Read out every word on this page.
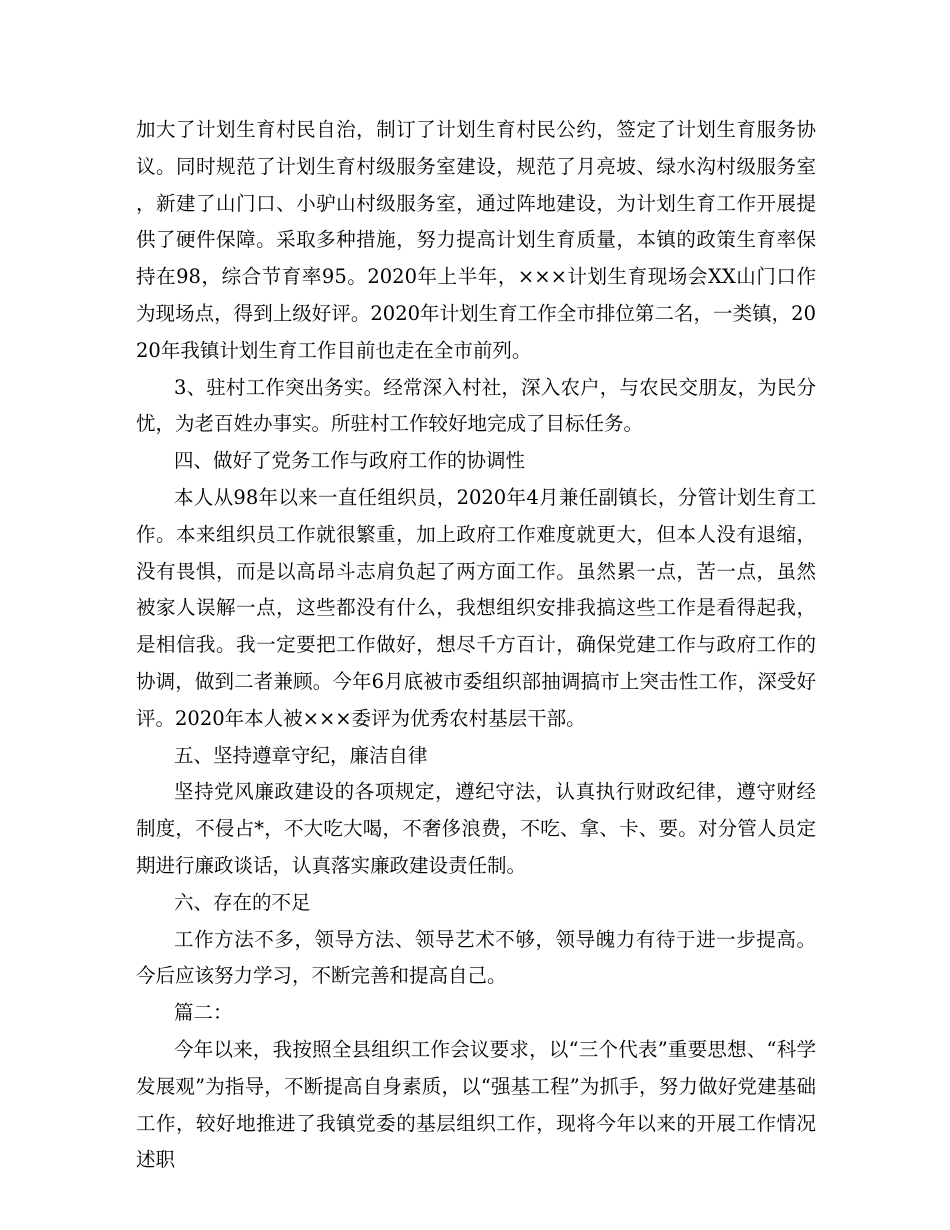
加大了计划生育村民自治，制订了计划生育村民公约，签定了计划生育服务协议。同时规范了计划生育村级服务室建设，规范了月亮坡、绿水沟村级服务室，新建了山门口、小驴山村级服务室，通过阵地建设，为计划生育工作开展提供了硬件保障。采取多种措施，努力提高计划生育质量，本镇的政策生育率保持在98，综合节育率95。2020年上半年，×××计划生育现场会XX山门口作为现场点，得到上级好评。2020年计划生育工作全市排位第二名，一类镇，2020年我镇计划生育工作目前也走在全市前列。

3、驻村工作突出务实。经常深入村社，深入农户，与农民交朋友，为民分忧，为老百姓办事实。所驻村工作较好地完成了目标任务。

四、做好了党务工作与政府工作的协调性

本人从98年以来一直任组织员，2020年4月兼任副镇长，分管计划生育工作。本来组织员工作就很繁重，加上政府工作难度就更大，但本人没有退缩，没有畏惧，而是以高昂斗志肩负起了两方面工作。虽然累一点，苦一点，虽然被家人误解一点，这些都没有什么，我想组织安排我搞这些工作是看得起我，是相信我。我一定要把工作做好，想尽千方百计，确保党建工作与政府工作的协调，做到二者兼顾。今年6月底被市委组织部抽调搞市上突击性工作，深受好评。2020年本人被×××委评为优秀农村基层干部。

五、坚持遵章守纪，廉洁自律

坚持党风廉政建设的各项规定，遵纪守法，认真执行财政纪律，遵守财经制度，不侵占*，不大吃大喝，不奢侈浪费，不吃、拿、卡、要。对分管人员定期进行廉政谈话，认真落实廉政建设责任制。

六、存在的不足

工作方法不多，领导方法、领导艺术不够，领导魄力有待于进一步提高。今后应该努力学习，不断完善和提高自己。

篇二：

今年以来，我按照全县组织工作会议要求，以“三个代表”重要思想、“科学发展观”为指导，不断提高自身素质，以“强基工程”为抓手，努力做好党建基础工作，较好地推进了我镇党委的基层组织工作，现将今年以来的开展工作情况述职
